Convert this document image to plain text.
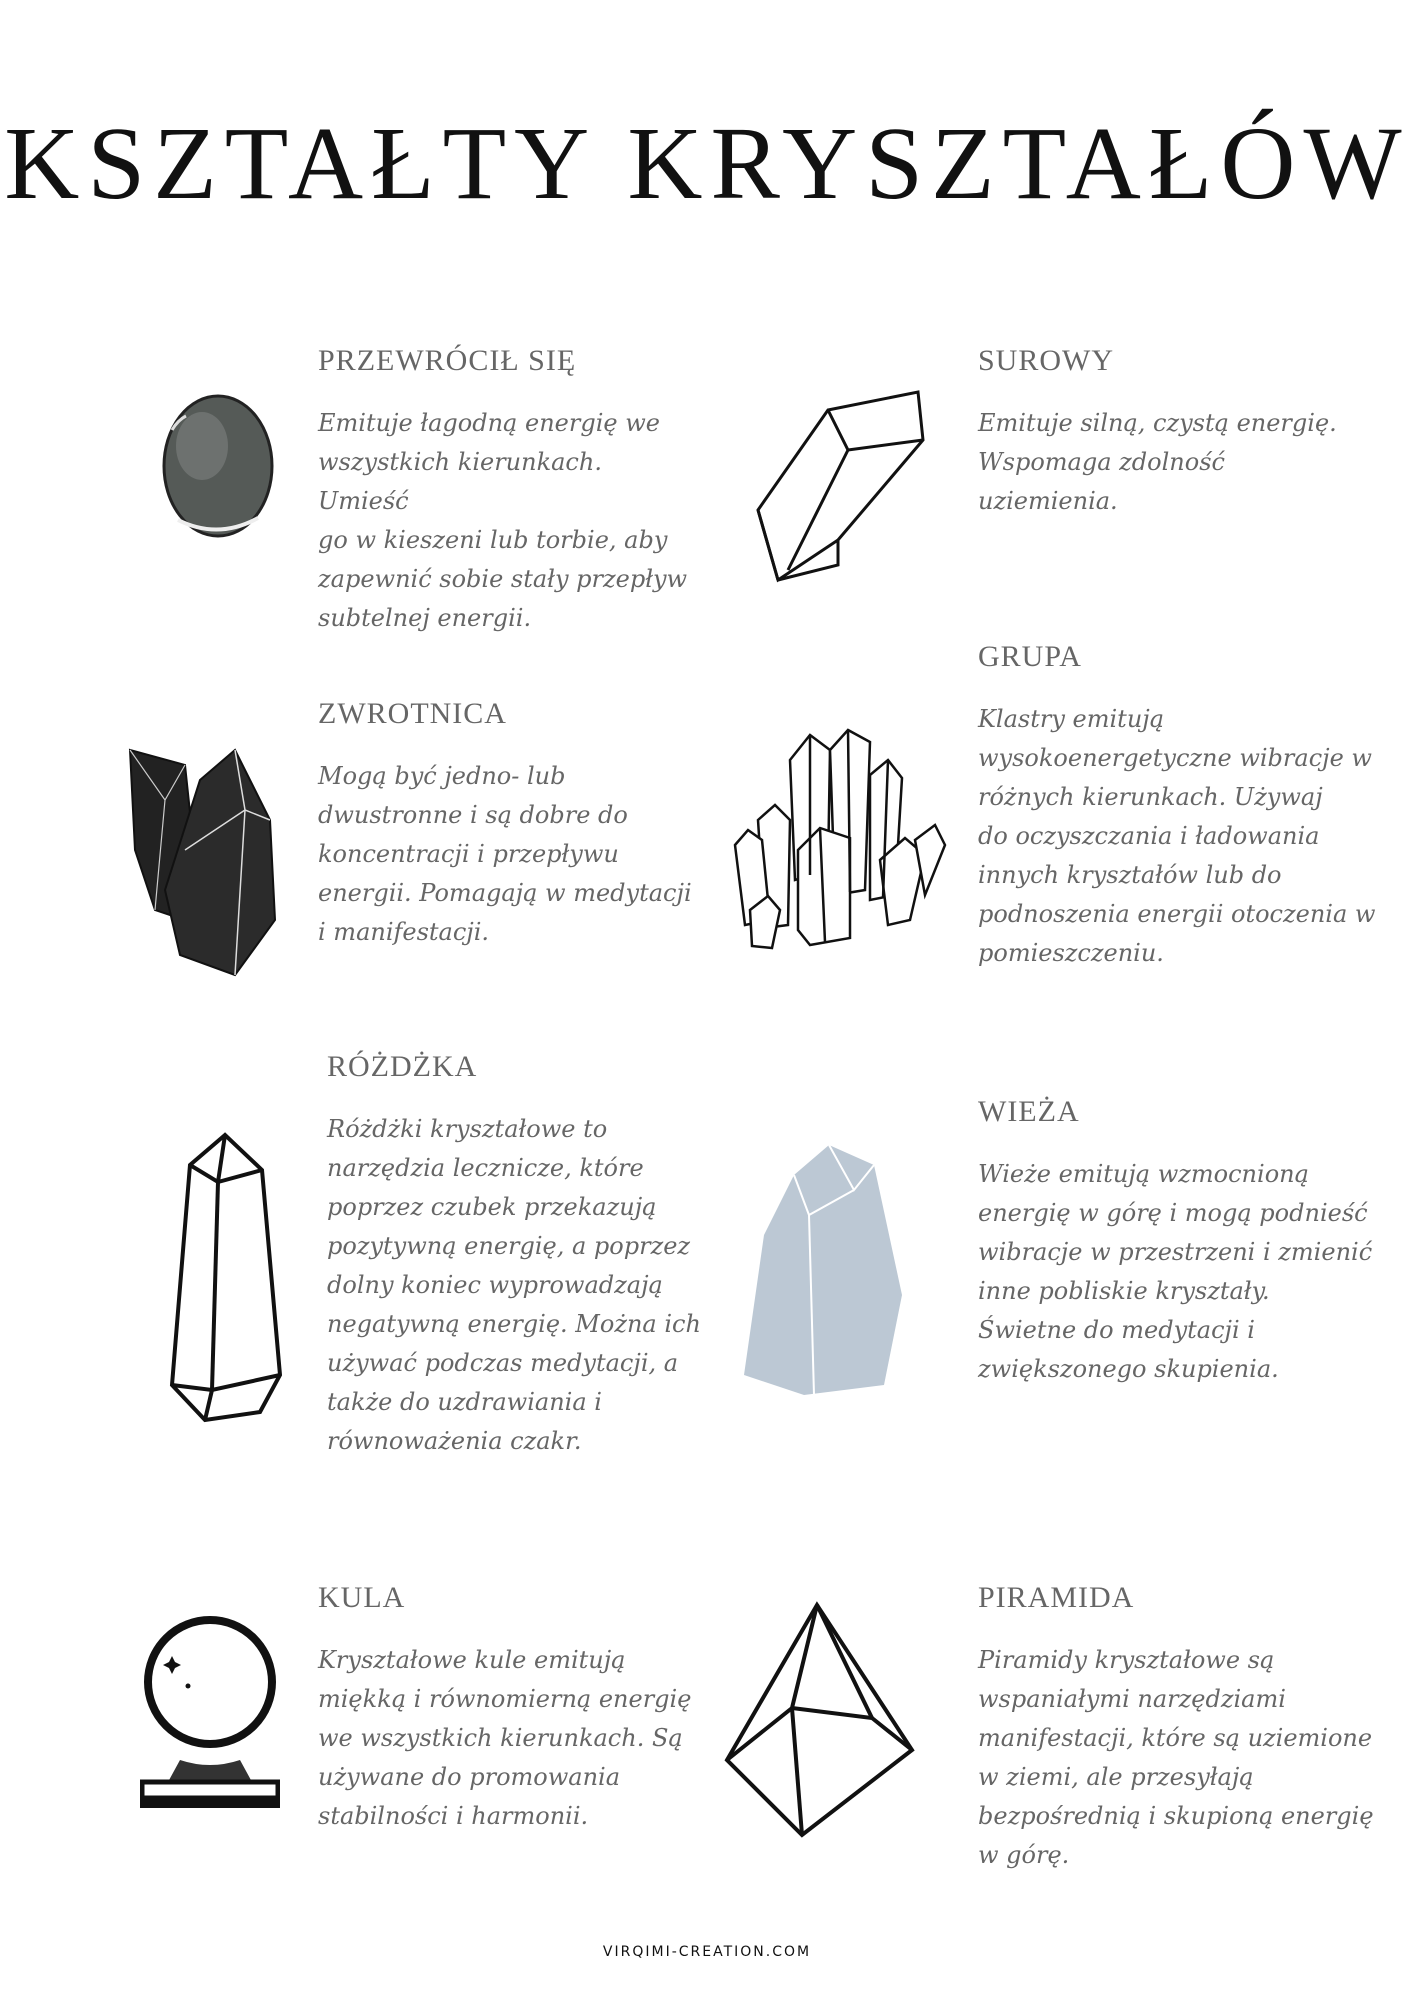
KSZTAŁTY KRYSZTAŁÓW
PRZEWRÓCIŁ SIĘ
Emituje łagodną energię we
wszystkich kierunkach. Umieść
go w kieszeni lub torbie, aby
zapewnić sobie stały przepływ
subtelnej energii.
SUROWY
Emituje silną, czystą energię.
Wspomaga zdolność
uziemienia.
ZWROTNICA
Mogą być jedno- lub
dwustronne i są dobre do
koncentracji i przepływu
energii. Pomagają w medytacji
i manifestacji.
GRUPA
Klastry emitują
wysokoenergetyczne wibracje w
różnych kierunkach. Używaj
do oczyszczania i ładowania
innych kryształów lub do
podnoszenia energii otoczenia w
pomieszczeniu.
RÓŻDŻKA
Różdżki kryształowe to
narzędzia lecznicze, które
poprzez czubek przekazują
pozytywną energię, a poprzez
dolny koniec wyprowadzają
negatywną energię. Można ich
używać podczas medytacji, a
także do uzdrawiania i
równoważenia czakr.
WIEŻA
Wieże emitują wzmocnioną
energię w górę i mogą podnieść
wibracje w przestrzeni i zmienić
inne pobliskie kryształy.
Świetne do medytacji i
zwiększonego skupienia.
KULA
Kryształowe kule emitują
miękką i równomierną energię
we wszystkich kierunkach. Są
używane do promowania
stabilności i harmonii.
PIRAMIDA
Piramidy kryształowe są
wspaniałymi narzędziami
manifestacji, które są uziemione
w ziemi, ale przesyłają
bezpośrednią i skupioną energię
w górę.
VIRQIMI-CREATION.COM
